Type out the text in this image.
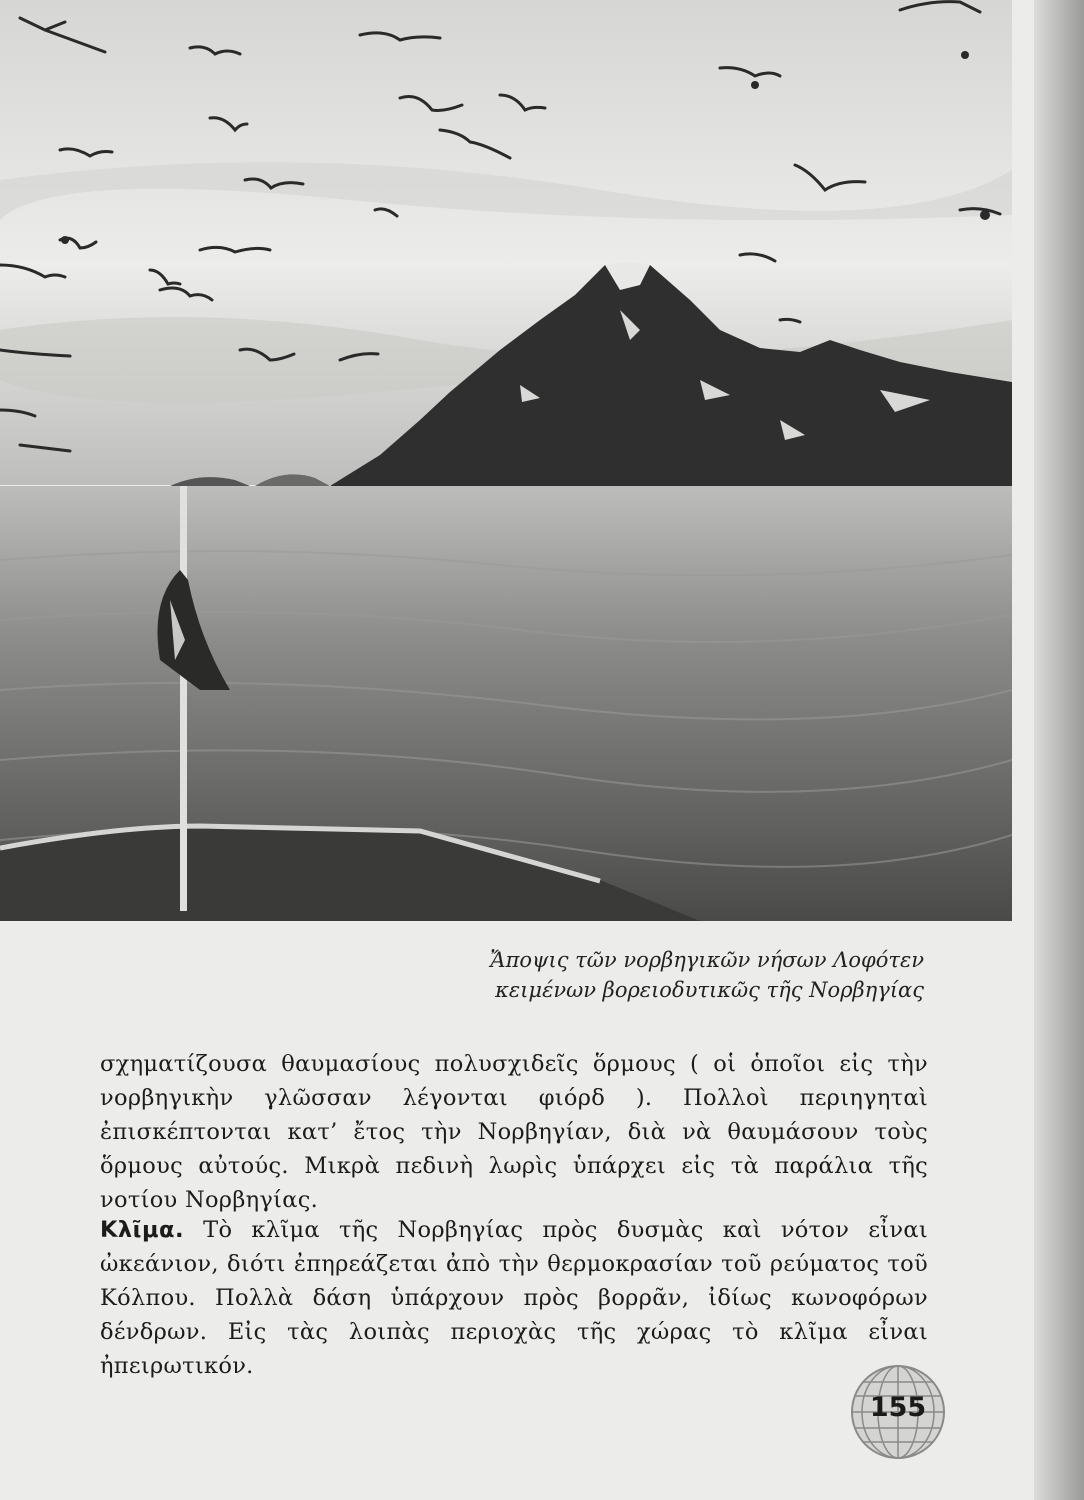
Ἄποψις τῶν νορβηγικῶν νήσων Λοφότεν
κειμένων βορειοδυτικῶς τῆς Νορβηγίας

σχηματίζουσα θαυμασίους πολυσχιδεῖς ὅρμους ( οἱ ὁποῖοι εἰς τὴν νορβηγικὴν γλῶσσαν λέγονται φιόρδ ). Πολλοὶ περιηγηταὶ ἐπισκέπτονται κατ’ ἔτος τὴν Νορβηγίαν, διὰ νὰ θαυμάσουν τοὺς ὅρμους αὐτούς. Μικρὰ πεδινὴ λωρὶς ὑπάρχει εἰς τὰ παράλια τῆς νοτίου Νορβηγίας.

Κλῖμα. Τὸ κλῖμα τῆς Νορβηγίας πρὸς δυσμὰς καὶ νότον εἶναι ὠκεάνιον, διότι ἐπηρεάζεται ἀπὸ τὴν θερμοκρασίαν τοῦ ρεύματος τοῦ Κόλπου. Πολλὰ δάση ὑπάρχουν πρὸς βορρᾶν, ἰδίως κωνοφόρων δένδρων. Εἰς τὰς λοιπὰς περιοχὰς τῆς χώρας τὸ κλῖμα εἶναι ἠπειρωτικόν.

155
